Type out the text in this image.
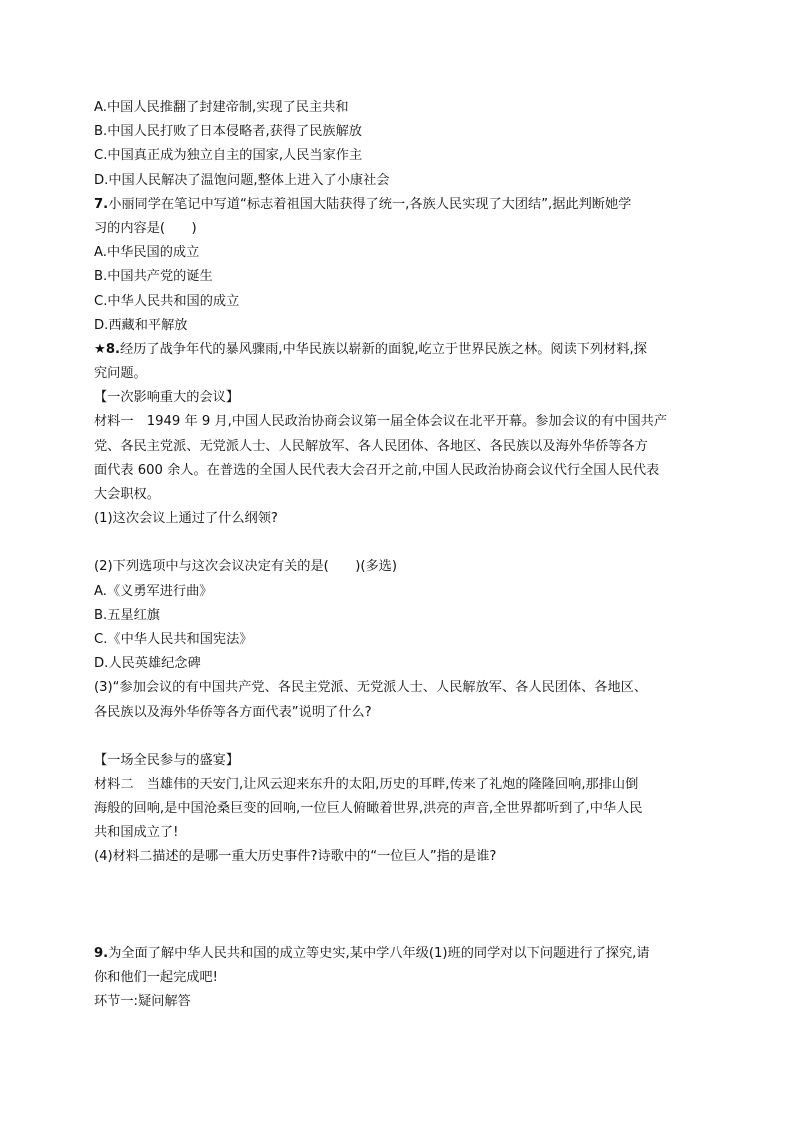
A.中国人民推翻了封建帝制,实现了民主共和
B.中国人民打败了日本侵略者,获得了民族解放
C.中国真正成为独立自主的国家,人民当家作主
D.中国人民解决了温饱问题,整体上进入了小康社会
7.小丽同学在笔记中写道“标志着祖国大陆获得了统一,各族人民实现了大团结”,据此判断她学
习的内容是(　　)
A.中华民国的成立
B.中国共产党的诞生
C.中华人民共和国的成立
D.西藏和平解放
★8.经历了战争年代的暴风骤雨,中华民族以崭新的面貌,屹立于世界民族之林。阅读下列材料,探
究问题。
【一次影响重大的会议】
材料一　1949 年 9 月,中国人民政治协商会议第一届全体会议在北平开幕。参加会议的有中国共产
党、各民主党派、无党派人士、人民解放军、各人民团体、各地区、各民族以及海外华侨等各方
面代表 600 余人。在普选的全国人民代表大会召开之前,中国人民政治协商会议代行全国人民代表
大会职权。
(1)这次会议上通过了什么纲领?
(2)下列选项中与这次会议决定有关的是(　　)(多选)
A.《义勇军进行曲》
B.五星红旗
C.《中华人民共和国宪法》
D.人民英雄纪念碑
(3)“参加会议的有中国共产党、各民主党派、无党派人士、人民解放军、各人民团体、各地区、
各民族以及海外华侨等各方面代表”说明了什么?
【一场全民参与的盛宴】
材料二　当雄伟的天安门,让风云迎来东升的太阳,历史的耳畔,传来了礼炮的隆隆回响,那排山倒
海般的回响,是中国沧桑巨变的回响,一位巨人俯瞰着世界,洪亮的声音,全世界都听到了,中华人民
共和国成立了!
(4)材料二描述的是哪一重大历史事件?诗歌中的“一位巨人”指的是谁?
9.为全面了解中华人民共和国的成立等史实,某中学八年级(1)班的同学对以下问题进行了探究,请
你和他们一起完成吧!
环节一:疑问解答
